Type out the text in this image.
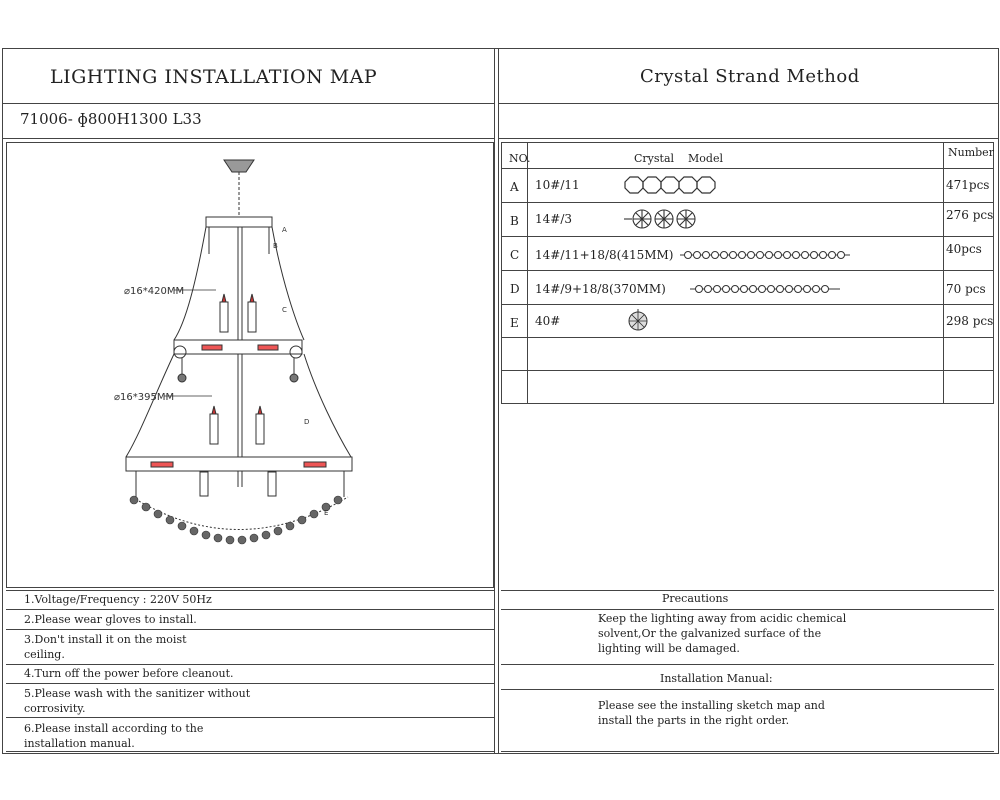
LIGHTING INSTALLATION MAP
71006- ɸ800H1300 L33
⌀16*420MM
⌀16*395MM
A
B
C
D
E
1.Voltage/Frequency : 220V 50Hz
2.Please wear gloves to install.
3.Don't install it on the moist ceiling.
4.Turn off the power before cleanout.
5.Please wash with the sanitizer without corrosivity.
6.Please install according to the installation manual.
Crystal Strand Method
NO.	Crystal    Model	Number
A 10#/11	471pcs
B 14#/3	276 pcs
C 14#/11+18/8(415MM)	40pcs
D 14#/9+18/8(370MM)	70 pcs
E 40#	298 pcs
Precautions
Keep the lighting away from acidic chemical solvent,Or the galvanized surface of the lighting will be damaged.
Installation Manual:
Please see the installing sketch map and install the parts in the right order.
